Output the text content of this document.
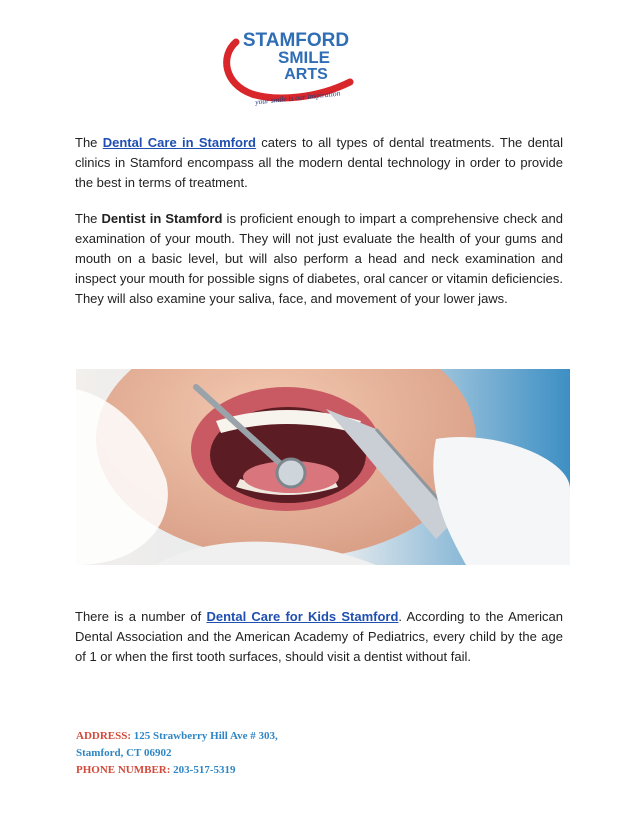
STAMFORD
SMILE
ARTS
your smile is our inspiration

The Dental Care in Stamford caters to all types of dental treatments. The dental clinics in Stamford encompass all the modern dental technology in order to provide the best in terms of treatment.

The Dentist in Stamford is proficient enough to impart a comprehensive check and examination of your mouth. They will not just evaluate the health of your gums and mouth on a basic level, but will also perform a head and neck examination and inspect your mouth for possible signs of diabetes, oral cancer or vitamin deficiencies. They will also examine your saliva, face, and movement of your lower jaws.

There is a number of Dental Care for Kids Stamford. According to the American Dental Association and the American Academy of Pediatrics, every child by the age of 1 or when the first tooth surfaces, should visit a dentist without fail.

ADDRESS: 125 Strawberry Hill Ave # 303,
Stamford, CT 06902
PHONE NUMBER: 203-517-5319
